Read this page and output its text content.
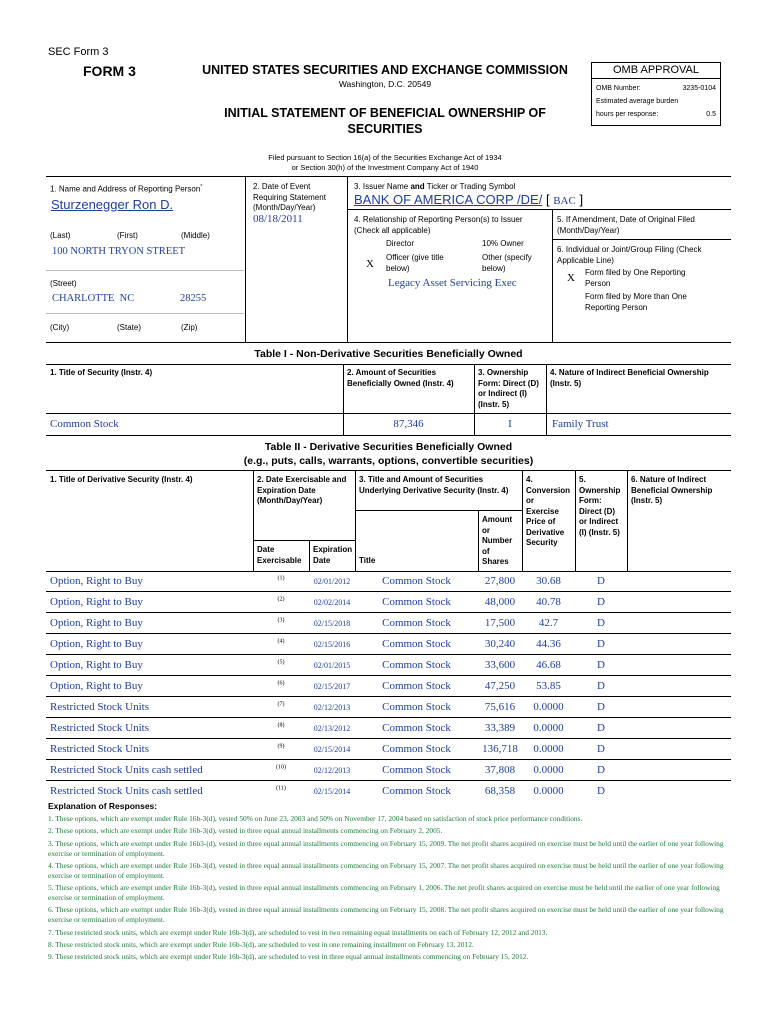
SEC Form 3
FORM 3	UNITED STATES SECURITIES AND EXCHANGE COMMISSION
Washington, D.C. 20549
INITIAL STATEMENT OF BENEFICIAL OWNERSHIP OF
SECURITIES
OMB APPROVAL
OMB Number:	3235-0104
Estimated average burden
hours per response:	0.5
Filed pursuant to Section 16(a) of the Securities Exchange Act of 1934
or Section 30(h) of the Investment Company Act of 1940
1. Name and Address of Reporting Person*
Sturzenegger Ron D.
(Last)	(First)	(Middle)
100 NORTH TRYON STREET
(Street)
CHARLOTTE NC	28255
(City)	(State)	(Zip)
2. Date of Event
Requiring Statement
(Month/Day/Year)
08/18/2011
3. Issuer Name and Ticker or Trading Symbol
BANK OF AMERICA CORP /DE/ [ BAC ]
4. Relationship of Reporting Person(s) to Issuer
(Check all applicable)
Director	10% Owner
X
Officer (give title
below)
Other (specify
below)
Legacy Asset Servicing Exec
5. If Amendment, Date of Original Filed
(Month/Day/Year)
6. Individual or Joint/Group Filing (Check
Applicable Line)
X Form filed by One Reporting
Person
Form filed by More than One
Reporting Person
Table I - Non-Derivative Securities Beneficially Owned
1. Title of Security (Instr. 4)	2. Amount of Securities
Beneficially Owned (Instr. 4)
3. Ownership
Form: Direct (D)
or Indirect (I)
(Instr. 5)
4. Nature of Indirect Beneficial Ownership
(Instr. 5)
Common Stock	87,346	I	Family Trust
Table II - Derivative Securities Beneficially Owned
(e.g., puts, calls, warrants, options, convertible securities)
1. Title of Derivative Security (Instr. 4)	2. Date Exercisable and
Expiration Date
(Month/Day/Year)
Date
Exercisable
Expiration
Date
3. Title and Amount of Securities
Underlying Derivative Security (Instr. 4)
Title
Amount
or
Number
of
Shares
4.
Conversion
or
Exercise
Price of
Derivative
Security
5.
Ownership
Form:
Direct (D)
or Indirect
(I) (Instr. 5)
6. Nature of Indirect
Beneficial Ownership
(Instr. 5)
Option, Right to Buy	$^{(1)}$	02/01/2012	Common Stock	27,800	30.68	D	
Option, Right to Buy	$^{(2)}$	02/02/2014	Common Stock	48,000	40.78	D	
Option, Right to Buy	$^{(3)}$	02/15/2018	Common Stock	17,500	42.7	D	
Option, Right to Buy	$^{(4)}$	02/15/2016	Common Stock	30,240	44.36	D	
Option, Right to Buy	$^{(5)}$	02/01/2015	Common Stock	33,600	46.68	D	
Option, Right to Buy	$^{(6)}$	02/15/2017	Common Stock	47,250	53.85	D	
Restricted Stock Units	$^{(7)}$	02/12/2013	Common Stock	75,616	0.0000	D	
Restricted Stock Units	$^{(8)}$	02/13/2012	Common Stock	33,389	0.0000	D	
Restricted Stock Units	$^{(9)}$	02/15/2014	Common Stock	136,718	0.0000	D	
Restricted Stock Units cash settled	$^{(10)}$	02/12/2013	Common Stock	37,808	0.0000	D	
Restricted Stock Units cash settled	$^{(11)}$	02/15/2014	Common Stock	68,358	0.0000	D	
Explanation of Responses:

1. These options, which are exempt under Rule 16b-3(d), vested 50% on June 23, 2003 and 50% on November 17, 2004 based on satisfaction of stock price performance conditions.

2. These options, which are exempt under Rule 16b-3(d), vested in three equal annual installments commencing on February 2, 2005.

3. These options, which are exempt under Rule 16b3-(d), vested in three equal annual installments commencing on February 15, 2009. The net profit shares acquired on exercise must be held until the earlier of one year following exercise or termination of employment.

4. These options, which are exempt under Rule 16b-3(d), vested in three equal annual installments commencing on February 15, 2007. The net profit shares acquired on exercise must be held until the earlier of one year following exercise or termination of employment.

5. These options, which are exempt under Rule 16b-3(d), vested in three equal annual installments commencing on February 1, 2006. The net profit shares acquired on exercise must be held until the earlier of one year following exercise or termination of employment.

6. These options, which are exempt under Rule 16b-3(d), vested in three equal annual installments commencing on February 15, 2008. The net profit shares acquired on exercise must be held until the earlier of one year following exercise or termination of employment.

7. These restricted stock units, which are exempt under Rule 16b-3(d), are scheduled to vest in two remaining equal installments on each of February 12, 2012 and 2013.

8. These restricted stock units, which are exempt under Rule 16b-3(d), are scheduled to vest in one remaining installment on February 13, 2012.

9. These restricted stock units, which are exempt under Rule 16b-3(d), are scheduled to vest in three equal annual installments commencing on February 15, 2012.
